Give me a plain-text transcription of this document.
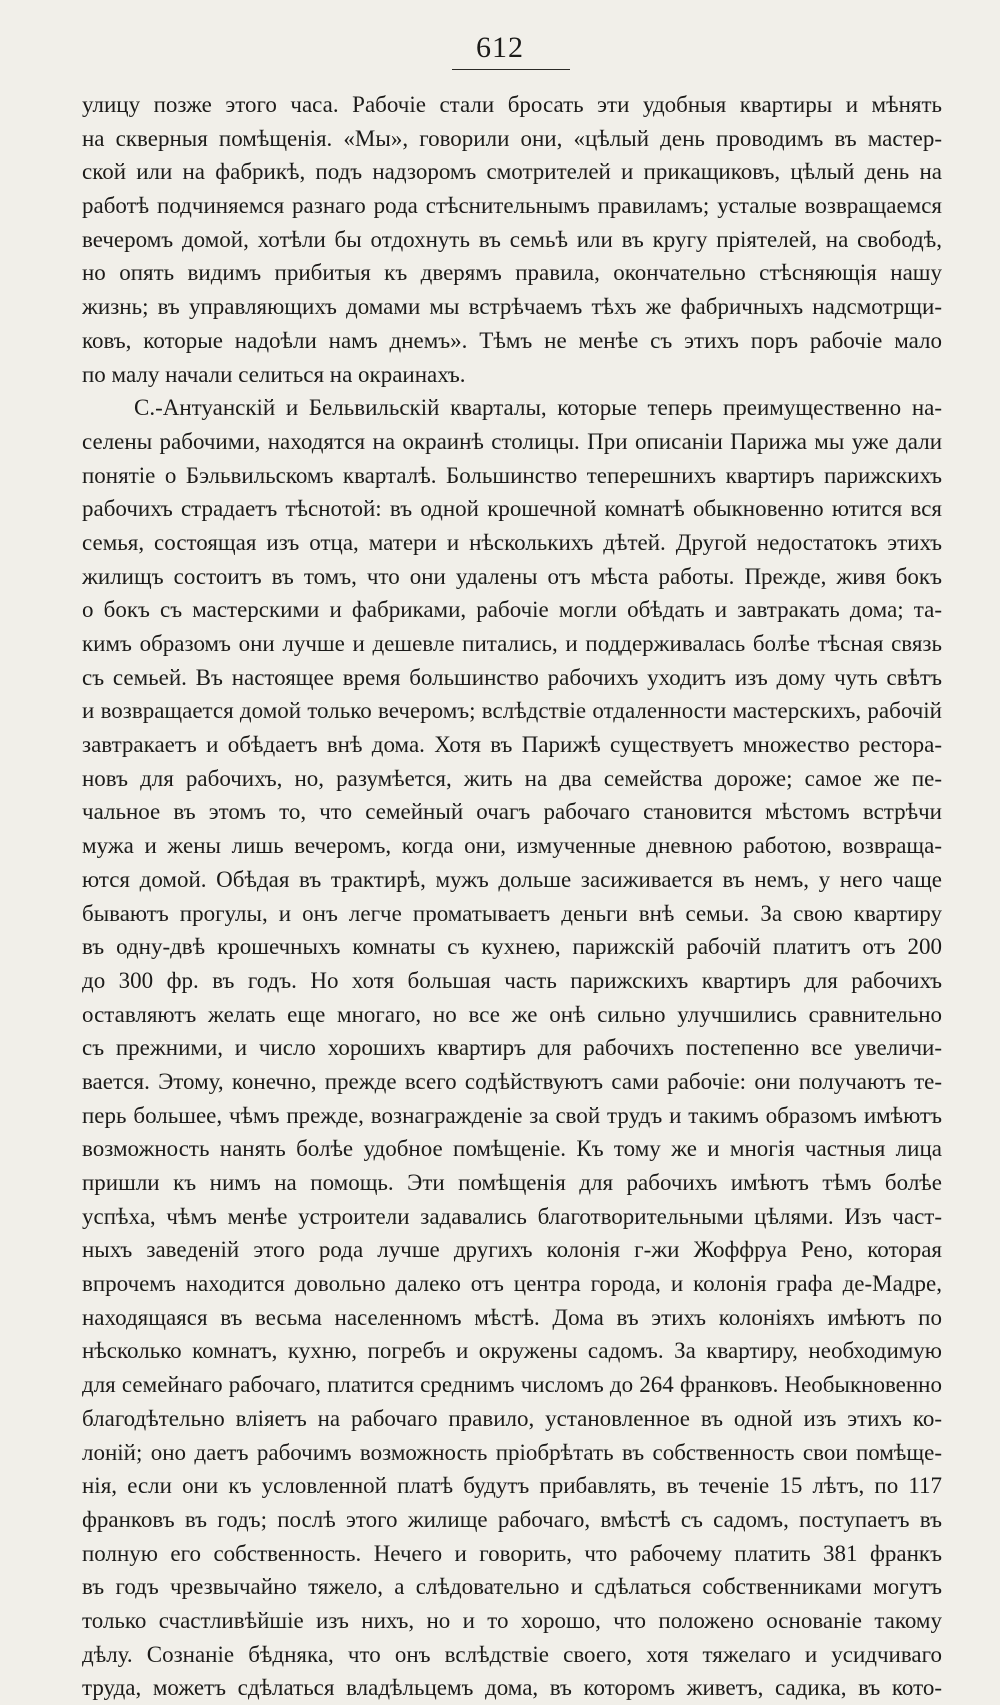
612
улицу позже этого часа. Рабочіе стали бросать эти удобныя квартиры и мѣнять
на скверныя помѣщенія. «Мы», говорили они, «цѣлый день проводимъ въ мастер-
ской или на фабрикѣ, подъ надзоромъ смотрителей и прикащиковъ, цѣлый день на
работѣ подчиняемся разнаго рода стѣснительнымъ правиламъ; усталые возвращаемся
вечеромъ домой, хотѣли бы отдохнуть въ семьѣ или въ кругу пріятелей, на свободѣ,
но опять видимъ прибитыя къ дверямъ правила, окончательно стѣсняющія нашу
жизнь; въ управляющихъ домами мы встрѣчаемъ тѣхъ же фабричныхъ надсмотрщи-
ковъ, которые надоѣли намъ днемъ». Тѣмъ не менѣе съ этихъ поръ рабочіе мало
по малу начали селиться на окраинахъ.
С.-Антуанскій и Бельвильскій кварталы, которые теперь преимущественно на-
селены рабочими, находятся на окраинѣ столицы. При описаніи Парижа мы уже дали
понятіе о Бэльвильскомъ кварталѣ. Большинство теперешнихъ квартиръ парижскихъ
рабочихъ страдаетъ тѣснотой: въ одной крошечной комнатѣ обыкновенно ютится вся
семья, состоящая изъ отца, матери и нѣсколькихъ дѣтей. Другой недостатокъ этихъ
жилищъ состоитъ въ томъ, что они удалены отъ мѣста работы. Прежде, живя бокъ
о бокъ съ мастерскими и фабриками, рабочіе могли обѣдать и завтракать дома; та-
кимъ образомъ они лучше и дешевле питались, и поддерживалась болѣе тѣсная связь
съ семьей. Въ настоящее время большинство рабочихъ уходитъ изъ дому чуть свѣтъ
и возвращается домой только вечеромъ; вслѣдствіе отдаленности мастерскихъ, рабочій
завтракаетъ и обѣдаетъ внѣ дома. Хотя въ Парижѣ существуетъ множество рестора-
новъ для рабочихъ, но, разумѣется, жить на два семейства дороже; самое же пе-
чальное въ этомъ то, что семейный очагъ рабочаго становится мѣстомъ встрѣчи
мужа и жены лишь вечеромъ, когда они, измученные дневною работою, возвраща-
ются домой. Обѣдая въ трактирѣ, мужъ дольше засиживается въ немъ, у него чаще
бываютъ прогулы, и онъ легче проматываетъ деньги внѣ семьи. За свою квартиру
въ одну-двѣ крошечныхъ комнаты съ кухнею, парижскій рабочій платитъ отъ 200
до 300 фр. въ годъ. Но хотя большая часть парижскихъ квартиръ для рабочихъ
оставляютъ желать еще многаго, но все же онѣ сильно улучшились сравнительно
съ прежними, и число хорошихъ квартиръ для рабочихъ постепенно все увеличи-
вается. Этому, конечно, прежде всего содѣйствуютъ сами рабочіе: они получаютъ те-
перь большее, чѣмъ прежде, вознагражденіе за свой трудъ и такимъ образомъ имѣютъ
возможность нанять болѣе удобное помѣщеніе. Къ тому же и многія частныя лица
пришли къ нимъ на помощь. Эти помѣщенія для рабочихъ имѣютъ тѣмъ болѣе
успѣха, чѣмъ менѣе устроители задавались благотворительными цѣлями. Изъ част-
ныхъ заведеній этого рода лучше другихъ колонія г-жи Жоффруа Рено, которая
впрочемъ находится довольно далеко отъ центра города, и колонія графа де-Мадре,
находящаяся въ весьма населенномъ мѣстѣ. Дома въ этихъ колоніяхъ имѣютъ по
нѣсколько комнатъ, кухню, погребъ и окружены садомъ. За квартиру, необходимую
для семейнаго рабочаго, платится среднимъ числомъ до 264 франковъ. Необыкновенно
благодѣтельно вліяетъ на рабочаго правило, установленное въ одной изъ этихъ ко-
лоній; оно даетъ рабочимъ возможность пріобрѣтать въ собственность свои помѣще-
нія, если они къ условленной платѣ будутъ прибавлять, въ теченіе 15 лѣтъ, по 117
франковъ въ годъ; послѣ этого жилище рабочаго, вмѣстѣ съ садомъ, поступаетъ въ
полную его собственность. Нечего и говорить, что рабочему платить 381 франкъ
въ годъ чрезвычайно тяжело, а слѣдовательно и сдѣлаться собственниками могутъ
только счастливѣйшіе изъ нихъ, но и то хорошо, что положено основаніе такому
дѣлу. Сознаніе бѣдняка, что онъ вслѣдствіе своего, хотя тяжелаго и усидчиваго
труда, можетъ сдѣлаться владѣльцемъ дома, въ которомъ живетъ, садика, въ кото-
